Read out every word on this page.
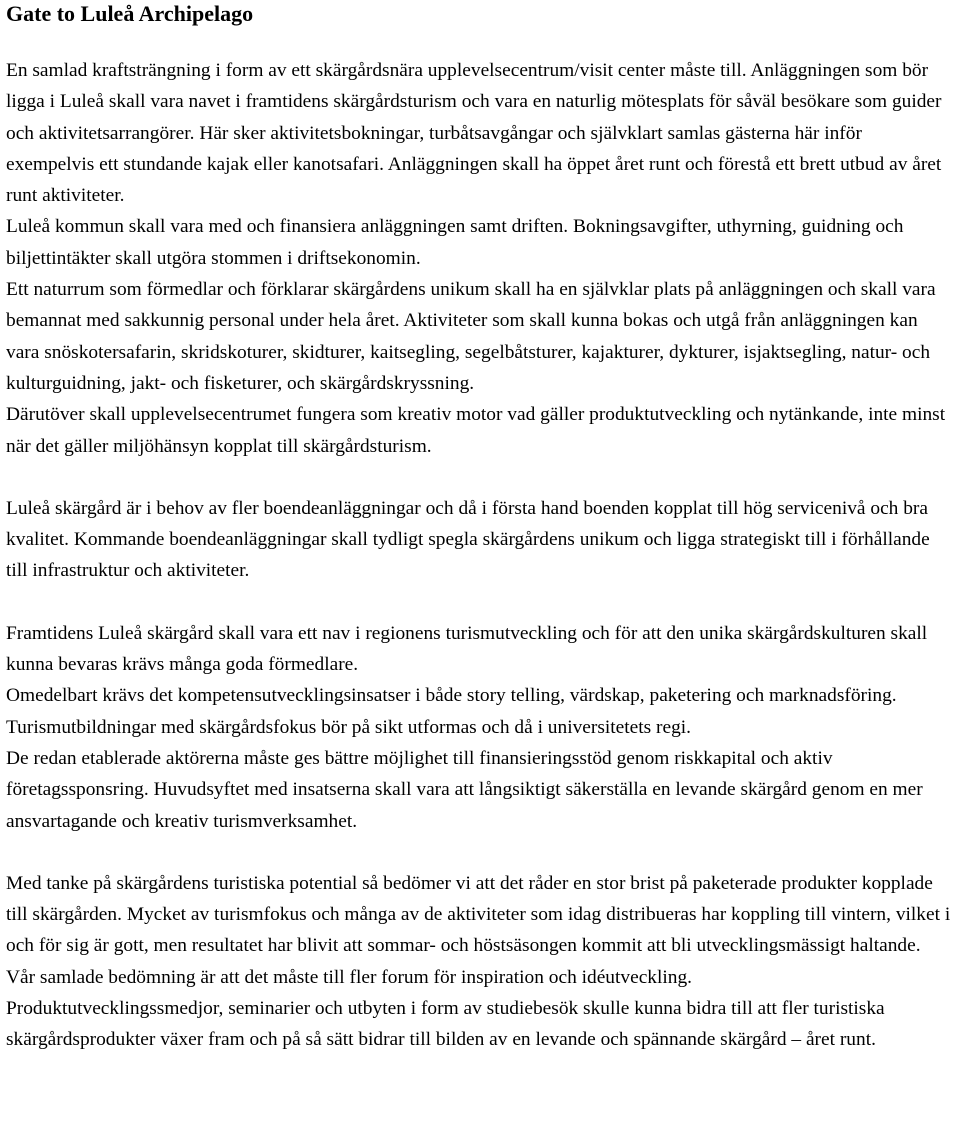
Gate to Luleå Archipelago

En samlad kraftsträngning i form av ett skärgårdsnära upplevelsecentrum/visit center måste till. Anläggningen som bör ligga i Luleå skall vara navet i framtidens skärgårdsturism och vara en naturlig mötesplats för såväl besökare som guider och aktivitetsarrangörer. Här sker aktivitetsbokningar, turbåtsavgångar och självklart samlas gästerna här inför exempelvis ett stundande kajak eller kanotsafari. Anläggningen skall ha öppet året runt och förestå ett brett utbud av året runt aktiviteter.

Luleå kommun skall vara med och finansiera anläggningen samt driften. Bokningsavgifter, uthyrning, guidning och biljettintäkter skall utgöra stommen i driftsekonomin.

Ett naturrum som förmedlar och förklarar skärgårdens unikum skall ha en självklar plats på anläggningen och skall vara bemannat med sakkunnig personal under hela året. Aktiviteter som skall kunna bokas och utgå från anläggningen kan vara snöskotersafarin, skridskoturer, skidturer, kaitsegling, segelbåtsturer, kajakturer, dykturer, isjaktsegling, natur- och kulturguidning, jakt- och fisketurer, och skärgårdskryssning.

Därutöver skall upplevelsecentrumet fungera som kreativ motor vad gäller produktutveckling och nytänkande, inte minst när det gäller miljöhänsyn kopplat till skärgårdsturism.

Luleå skärgård är i behov av fler boendeanläggningar och då i första hand boenden kopplat till hög servicenivå och bra kvalitet. Kommande boendeanläggningar skall tydligt spegla skärgårdens unikum och ligga strategiskt till i förhållande till infrastruktur och aktiviteter.

Framtidens Luleå skärgård skall vara ett nav i regionens turismutveckling och för att den unika skärgårdskulturen skall kunna bevaras krävs många goda förmedlare.

Omedelbart krävs det kompetensutvecklingsinsatser i både story telling, värdskap, paketering och marknadsföring. Turismutbildningar med skärgårdsfokus bör på sikt utformas och då i universitetets regi.

De redan etablerade aktörerna måste ges bättre möjlighet till finansieringsstöd genom riskkapital och aktiv företagssponsring. Huvudsyftet med insatserna skall vara att långsiktigt säkerställa en levande skärgård genom en mer ansvartagande och kreativ turismverksamhet.

Med tanke på skärgårdens turistiska potential så bedömer vi att det råder en stor brist på paketerade produkter kopplade till skärgården. Mycket av turismfokus och många av de aktiviteter som idag distribueras har koppling till vintern, vilket i och för sig är gott, men resultatet har blivit att sommar- och höstsäsongen kommit att bli utvecklingsmässigt haltande.

Vår samlade bedömning är att det måste till fler forum för inspiration och idéutveckling.

Produktutvecklingssmedjor, seminarier och utbyten i form av studiebesök skulle kunna bidra till att fler turistiska skärgårdsprodukter växer fram och på så sätt bidrar till bilden av en levande och spännande skärgård – året runt.
